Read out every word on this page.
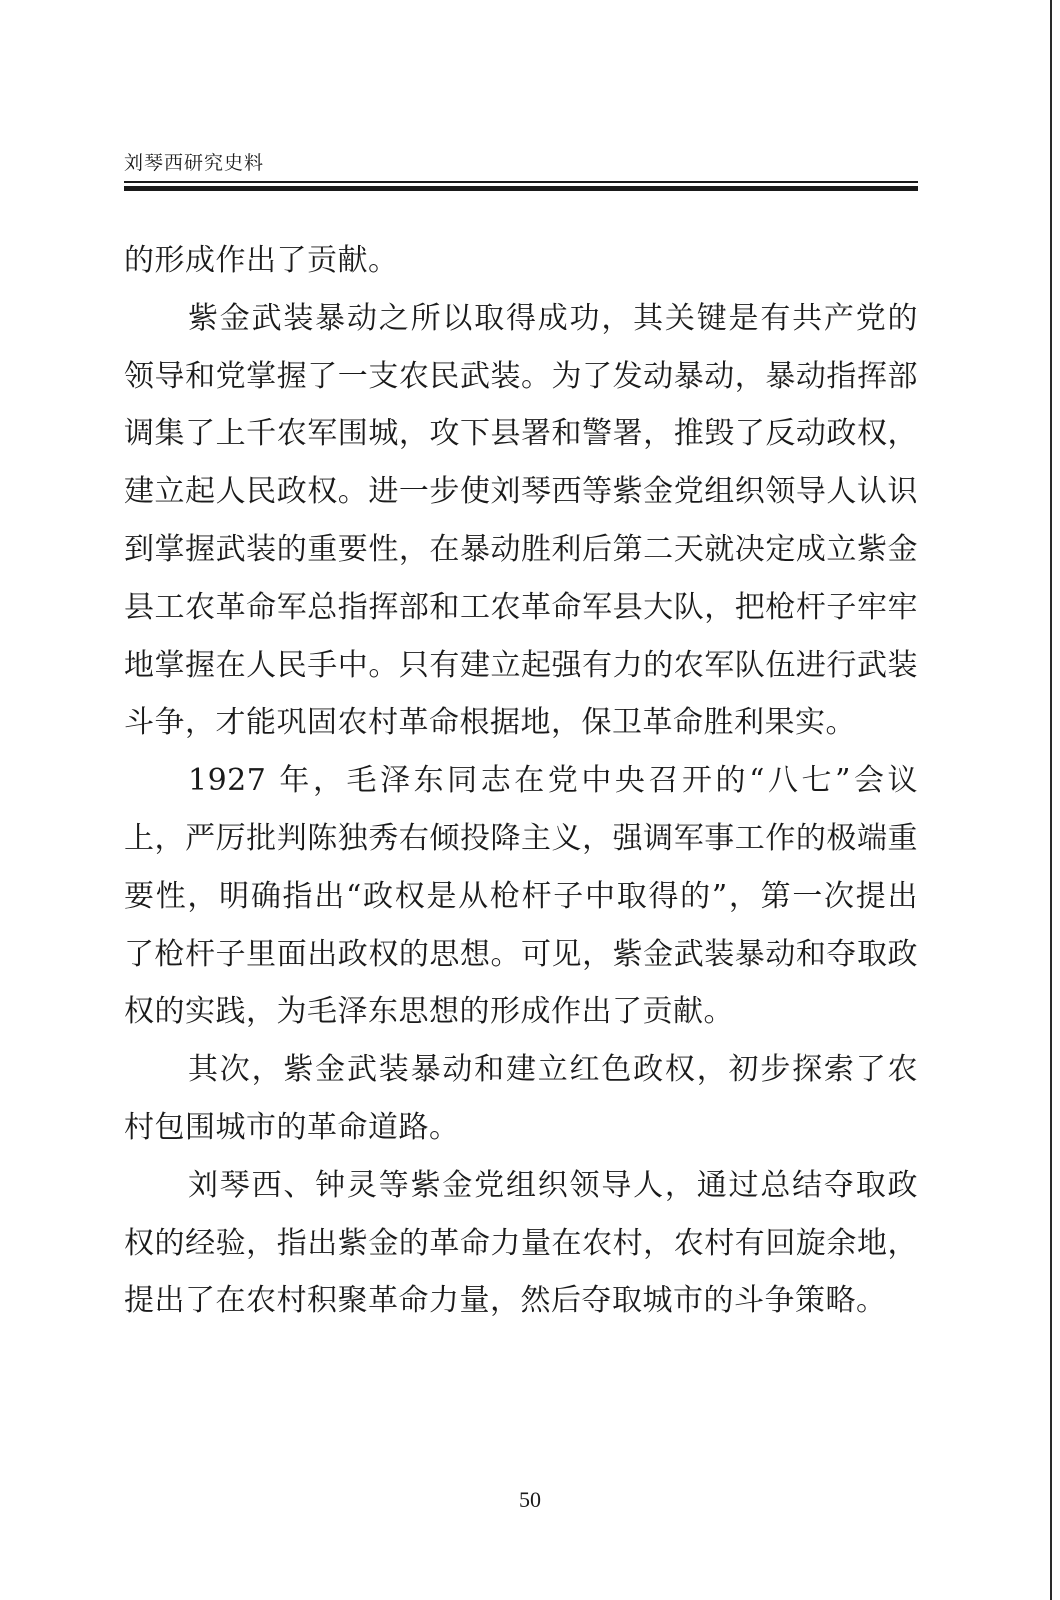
刘琴西研究史料

的形成作出了贡献。

紫金武装暴动之所以取得成功，其关键是有共产党的领导和党掌握了一支农民武装。为了发动暴动，暴动指挥部调集了上千农军围城，攻下县署和警署，推毁了反动政权，建立起人民政权。进一步使刘琴西等紫金党组织领导人认识到掌握武装的重要性，在暴动胜利后第二天就决定成立紫金县工农革命军总指挥部和工农革命军县大队，把枪杆子牢牢地掌握在人民手中。只有建立起强有力的农军队伍进行武装斗争，才能巩固农村革命根据地，保卫革命胜利果实。

1927 年，毛泽东同志在党中央召开的“八七”会议上，严厉批判陈独秀右倾投降主义，强调军事工作的极端重要性，明确指出“政权是从枪杆子中取得的”，第一次提出了枪杆子里面出政权的思想。可见，紫金武装暴动和夺取政权的实践，为毛泽东思想的形成作出了贡献。

其次，紫金武装暴动和建立红色政权，初步探索了农村包围城市的革命道路。

刘琴西、钟灵等紫金党组织领导人，通过总结夺取政权的经验，指出紫金的革命力量在农村，农村有回旋余地，提出了在农村积聚革命力量，然后夺取城市的斗争策略。

50
